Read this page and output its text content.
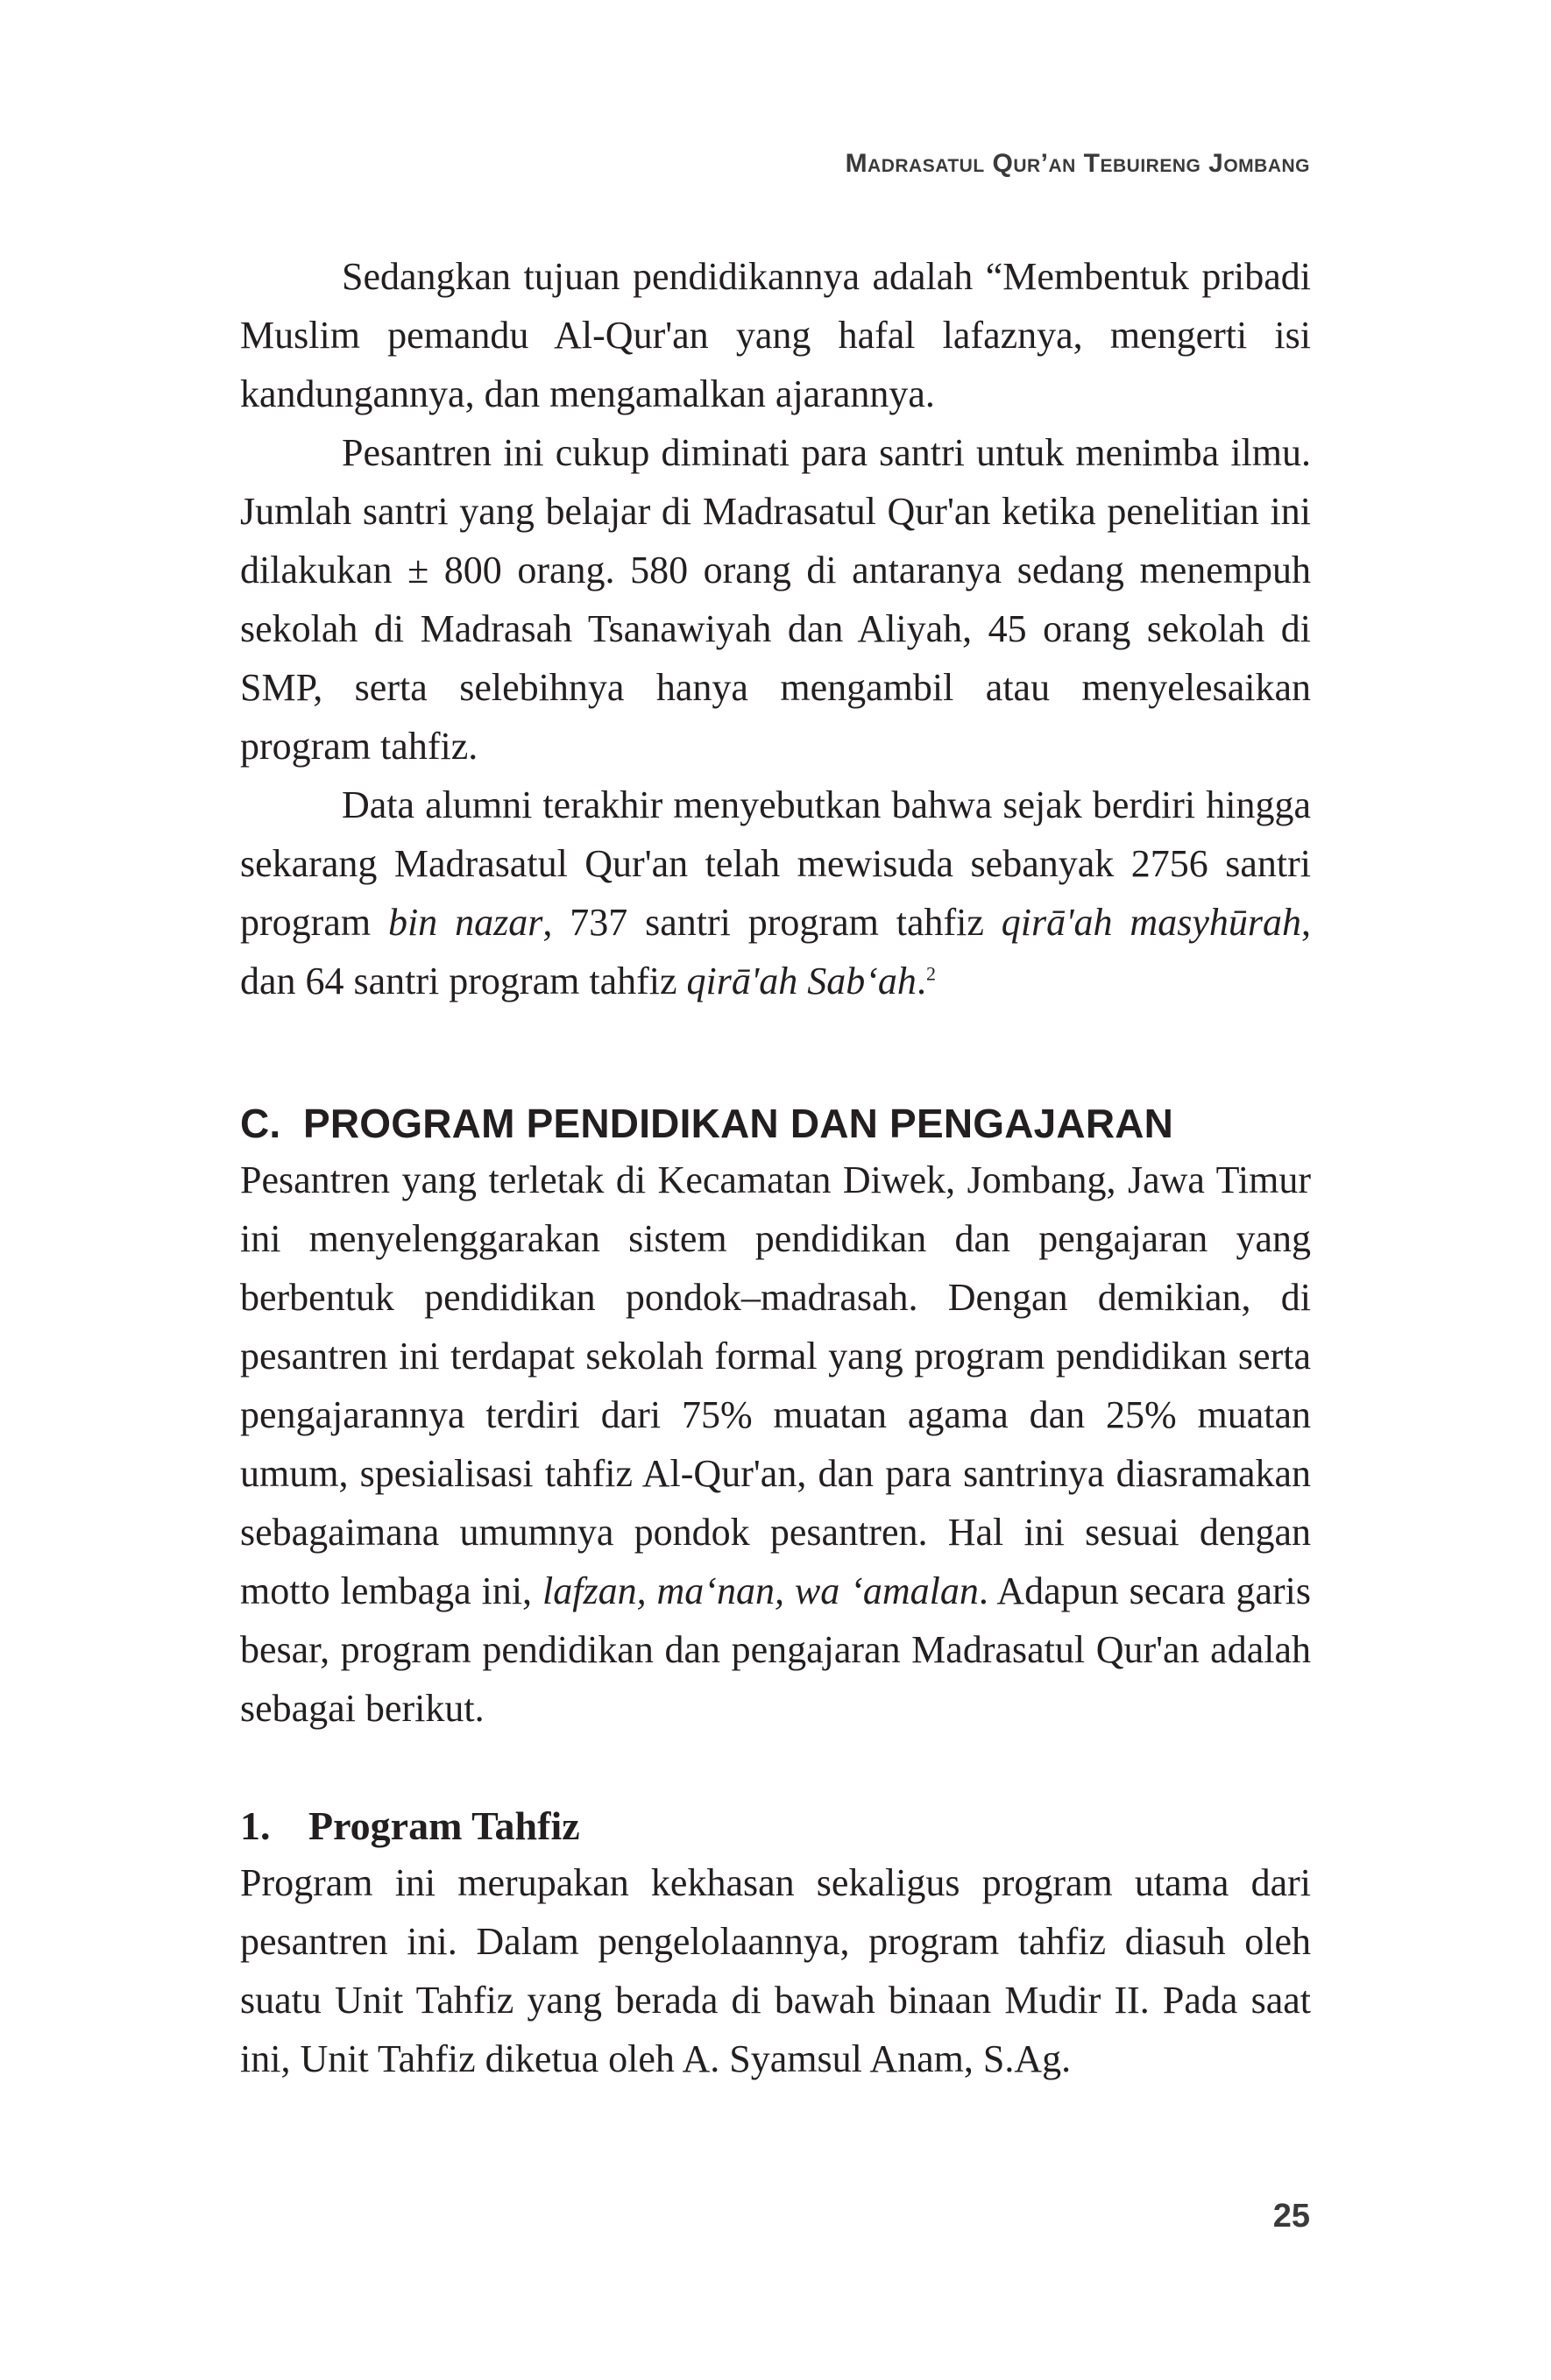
Madrasatul Qur’an Tebuireng Jombang

Sedangkan tujuan pendidikannya adalah “Membentuk pribadi Muslim pemandu Al-Qur'an yang hafal lafaznya, mengerti isi kandungannya, dan mengamalkan ajarannya.

Pesantren ini cukup diminati para santri untuk menimba ilmu. Jumlah santri yang belajar di Madrasatul Qur'an ketika penelitian ini dilakukan ± 800 orang. 580 orang di antaranya sedang menempuh sekolah di Madrasah Tsanawiyah dan Aliyah, 45 orang sekolah di SMP, serta selebihnya hanya mengambil atau menyelesaikan program tahfiz.

Data alumni terakhir menyebutkan bahwa sejak berdiri hingga sekarang Madrasatul Qur'an telah mewisuda sebanyak 2756 santri program bin nazar, 737 santri program tahfiz qirā'ah masyhūrah, dan 64 santri program tahfiz qirā'ah Sab‘ah.$^2$

C. PROGRAM PENDIDIKAN DAN PENGAJARAN

Pesantren yang terletak di Kecamatan Diwek, Jombang, Jawa Timur ini menyelenggarakan sistem pendidikan dan pengajaran yang berbentuk pendidikan pondok–madrasah. Dengan demikian, di pesantren ini terdapat sekolah formal yang program pendidikan serta pengajarannya terdiri dari 75% muatan agama dan 25% muatan umum, spesialisasi tahfiz Al-Qur'an, dan para santrinya diasramakan sebagaimana umumnya pondok pesantren. Hal ini sesuai dengan motto lembaga ini, lafzan, ma‘nan, wa ‘amalan. Adapun secara garis besar, program pendidikan dan pengajaran Madrasatul Qur'an adalah sebagai berikut.

1. Program Tahfiz

Program ini merupakan kekhasan sekaligus program utama dari pesantren ini. Dalam pengelolaannya, program tahfiz diasuh oleh suatu Unit Tahfiz yang berada di bawah binaan Mudir II. Pada saat ini, Unit Tahfiz diketua oleh A. Syamsul Anam, S.Ag.

25
